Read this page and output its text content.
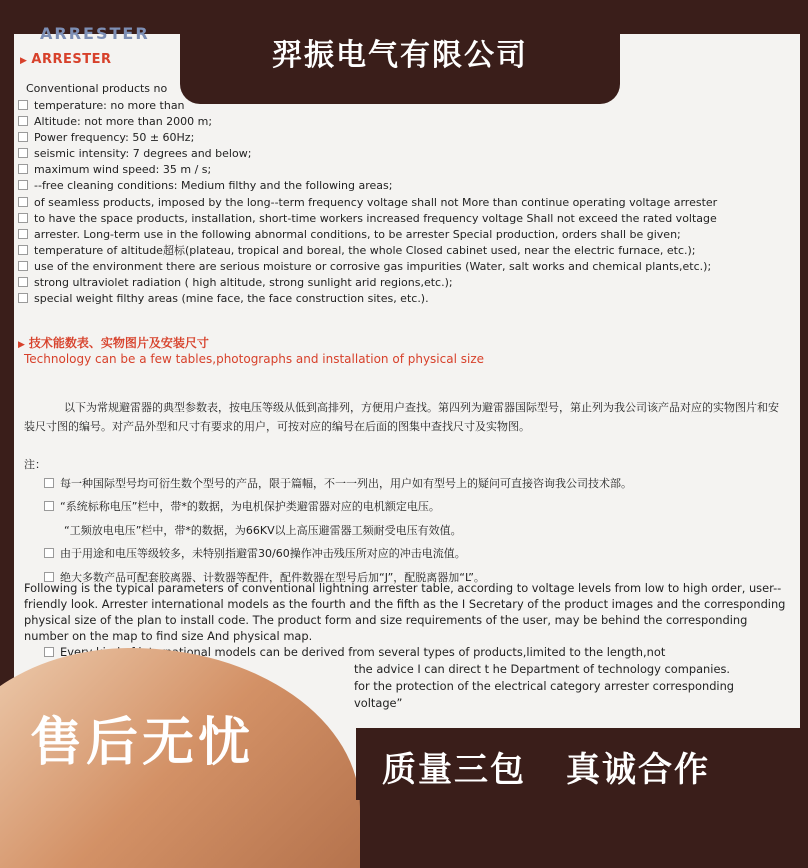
ARRESTER
▶ ARRESTER
Conventional products no
temperature: no more than
Altitude: not more than 2000 m;
Power frequency: 50 ± 60Hz;
seismic intensity: 7 degrees and below;
maximum wind speed: 35 m / s;
--free cleaning conditions: Medium filthy and the following areas;
of seamless products, imposed by the long--term frequency voltage shall not More than continue operating voltage arrester
to have the space products, installation, short-time workers increased frequency voltage Shall not exceed the rated voltage
arrester. Long-term use in the following abnormal conditions, to be arrester Special production, orders shall be given;
temperature of altitude超标(plateau, tropical and boreal, the whole Closed cabinet used, near the electric furnace, etc.);
use of the environment there are serious moisture or corrosive gas impurities (Water, salt works and chemical plants,etc.);
strong ultraviolet radiation ( high altitude, strong sunlight arid regions,etc.);
special weight filthy areas (mine face, the face construction sites, etc.).
▶ 技术能数表、实物图片及安装尺寸
Technology can be a few tables,photographs and installation of physical size
以下为常规避雷器的典型参数表，按电压等级从低到高排列，方便用户查找。第四列为避雷器国际型号，第止列为我公司该产品对应的实物图片和安装尺寸图的编号。对产品外型和尺寸有要求的用户，可按对应的编号在后面的图集中查找尺寸及实物图。
注：
每一种国际型号均可衍生数个型号的产品，限于篇幅，不一一列出，用户如有型号上的疑问可直接咨询我公司技术部。
“系统标称电压”栏中，带*的数据，为电机保护类避雷器对应的电机额定电压。
“工频放电电压”栏中，带*的数据，为66KV以上高压避雷器工频耐受电压有效值。
由于用途和电压等级较多，未特别指避雷30/60操作冲击残压所对应的冲击电流值。
绝大多数产品可配套胶离器、计数器等配件，配件数器在型号后加“J”，配脱离器加“L”。
Following is the typical parameters of conventional lightning arrester table, according to voltage levels from low to high order, user--friendly look. Arrester international models as the fourth and the fifth as the I Secretary of the product images and the corresponding physical size of the plan to install code. The product form and size requirements of the user, may be behind the corresponding number on the map to find size And physical map.
Every kind of international models can be derived from several types of products,limited to the length,not
the advice I can direct t he Department of technology companies.
for the protection of the electrical category arrester corresponding
voltage”
羿振电气有限公司
售后无忧	质量三包 真诚合作
